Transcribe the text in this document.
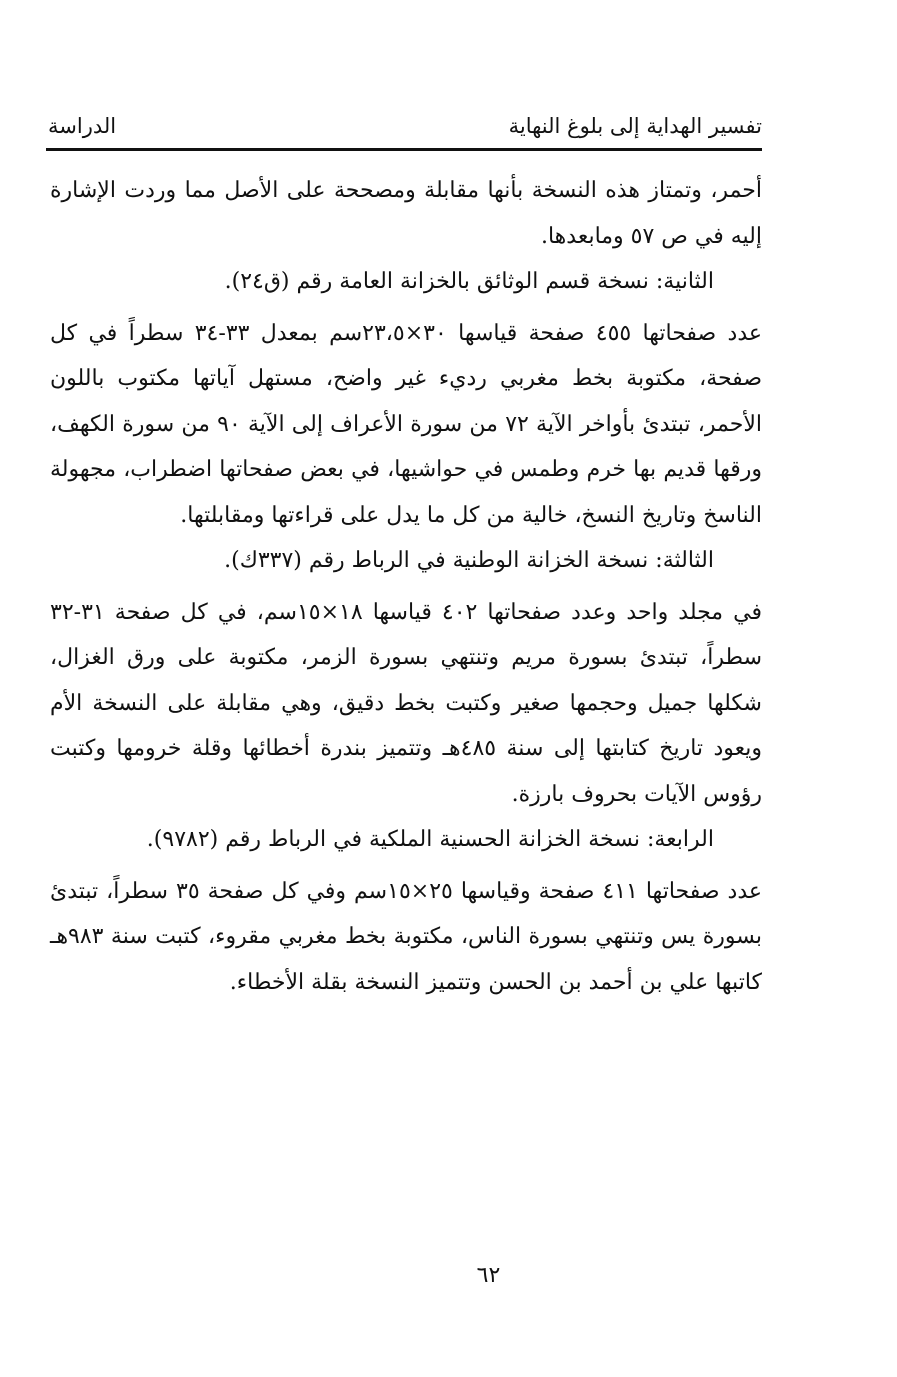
تفسير الهداية إلى بلوغ النهاية
الدراسة

أحمر، وتمتاز هذه النسخة بأنها مقابلة ومصححة على الأصل مما وردت الإشارة إليه في ص ٥٧ ومابعدها.

الثانية: نسخة قسم الوثائق بالخزانة العامة رقم (ق٢٤).

عدد صفحاتها ٤٥٥ صفحة قياسها ٣٠×٢٣،٥سم بمعدل ٣٣-٣٤ سطراً في كل صفحة، مكتوبة بخط مغربي رديء غير واضح، مستهل آياتها مكتوب باللون الأحمر، تبتدئ بأواخر الآية ٧٢ من سورة الأعراف إلى الآية ٩٠ من سورة الكهف، ورقها قديم بها خرم وطمس في حواشيها، في بعض صفحاتها اضطراب، مجهولة الناسخ وتاريخ النسخ، خالية من كل ما يدل على قراءتها ومقابلتها.

الثالثة: نسخة الخزانة الوطنية في الرباط رقم (٣٣٧ك).

في مجلد واحد وعدد صفحاتها ٤٠٢ قياسها ١٨×١٥سم، في كل صفحة ٣١-٣٢ سطراً، تبتدئ بسورة مريم وتنتهي بسورة الزمر، مكتوبة على ورق الغزال، شكلها جميل وحجمها صغير وكتبت بخط دقيق، وهي مقابلة على النسخة الأم ويعود تاريخ كتابتها إلى سنة ٤٨٥هـ وتتميز بندرة أخطائها وقلة خرومها وكتبت رؤوس الآيات بحروف بارزة.

الرابعة: نسخة الخزانة الحسنية الملكية في الرباط رقم (٩٧٨٢).

عدد صفحاتها ٤١١ صفحة وقياسها ٢٥×١٥سم وفي كل صفحة ٣٥ سطراً، تبتدئ بسورة يس وتنتهي بسورة الناس، مكتوبة بخط مغربي مقروء، كتبت سنة ٩٨٣هـ كاتبها علي بن أحمد بن الحسن وتتميز النسخة بقلة الأخطاء.

٦٢
